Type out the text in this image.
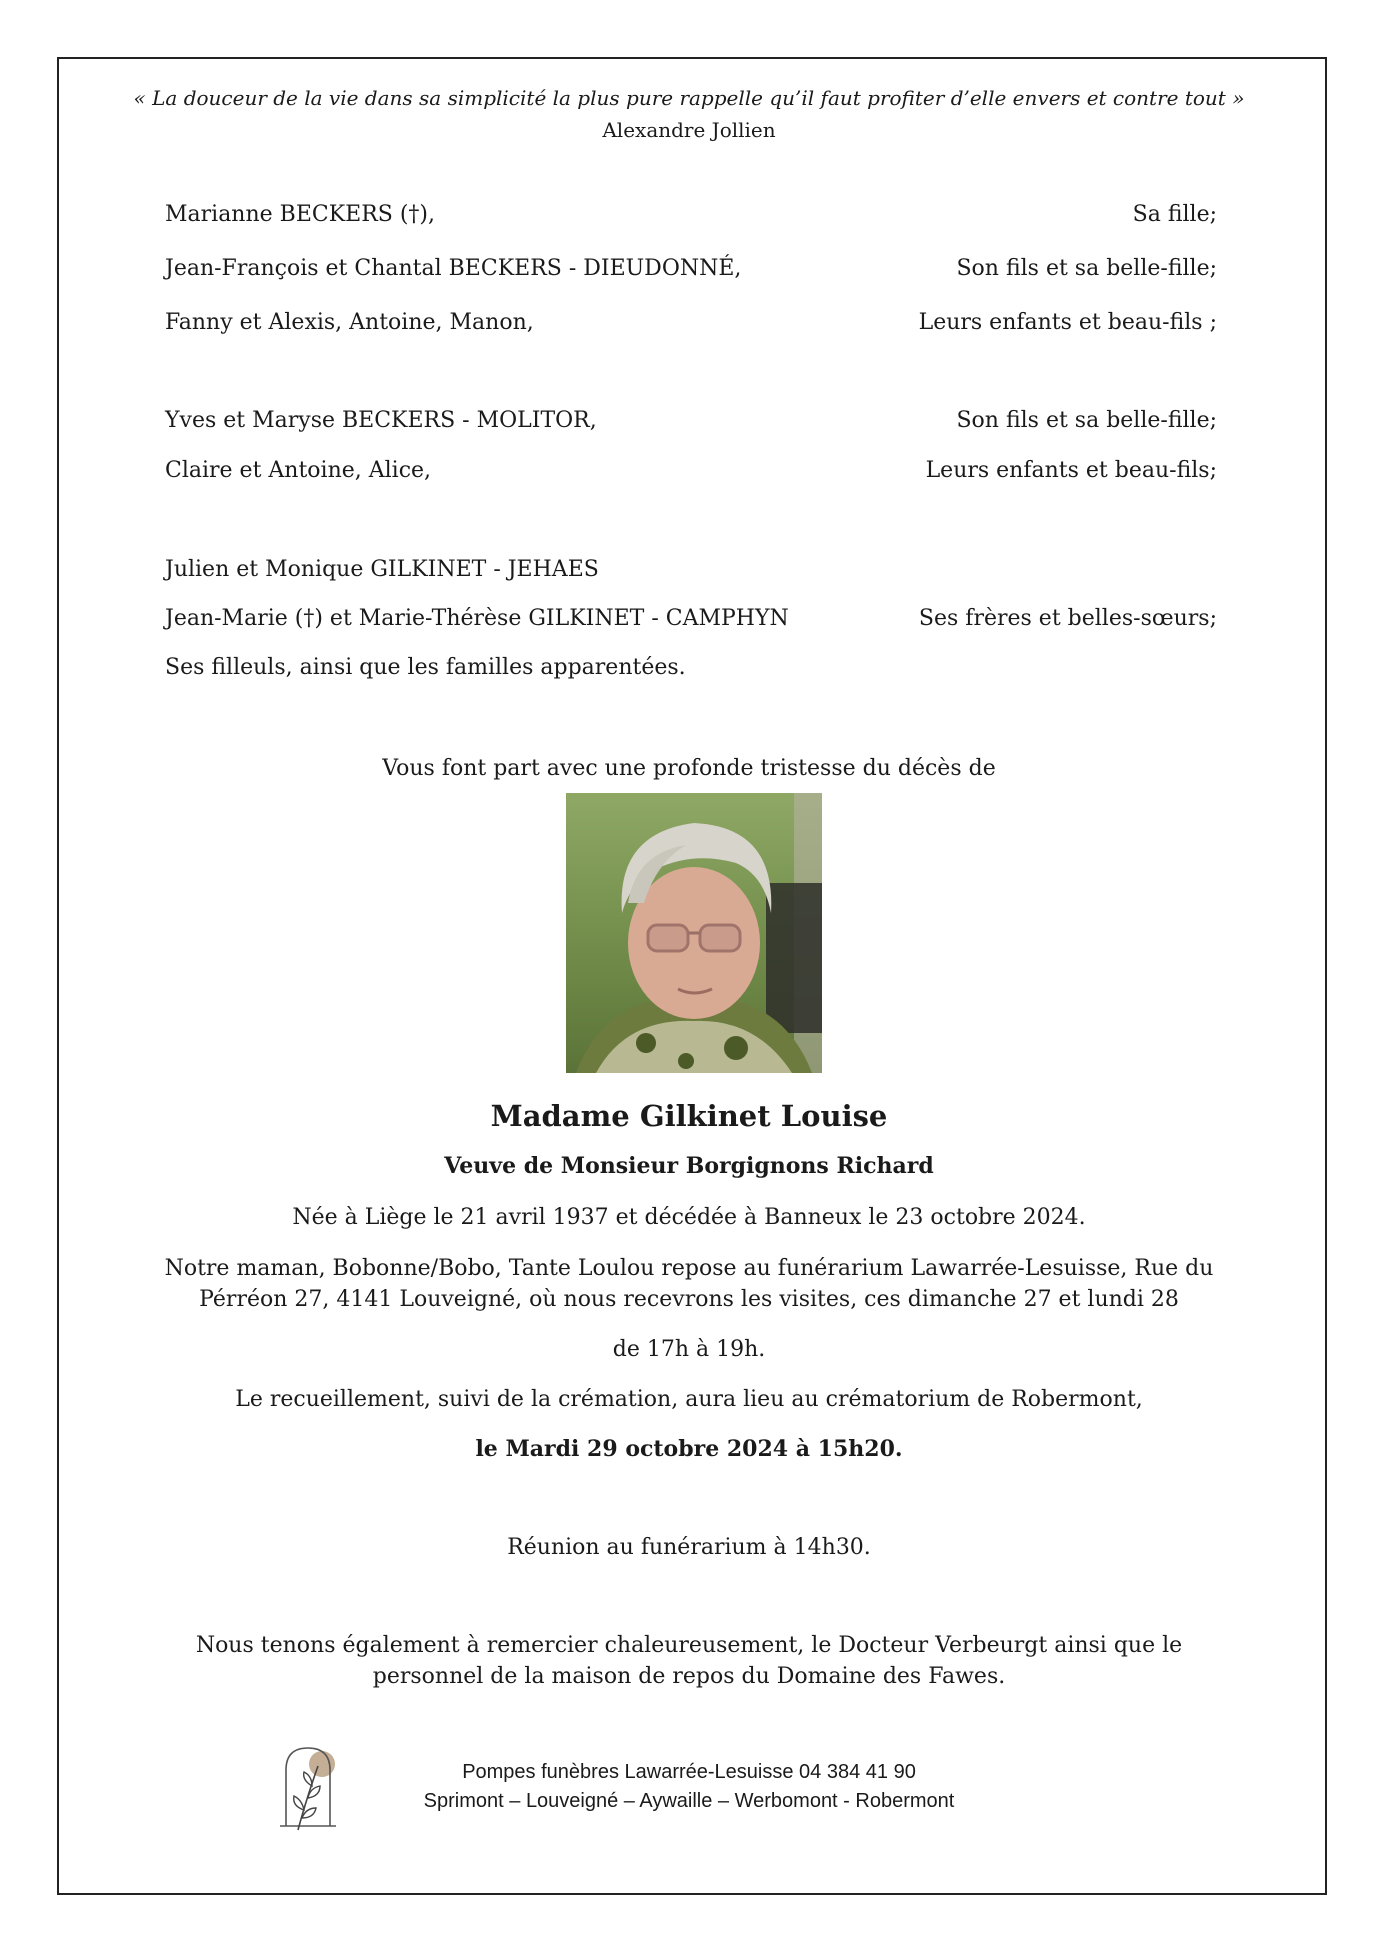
« La douceur de la vie dans sa simplicité la plus pure rappelle qu’il faut profiter d’elle envers et contre tout »
Alexandre Jollien
Marianne BECKERS (†),	Sa fille;
Jean-François et Chantal BECKERS - DIEUDONNÉ,	Son fils et sa belle-fille;
Fanny et Alexis, Antoine, Manon,	Leurs enfants et beau-fils ;
Yves et Maryse BECKERS - MOLITOR,	Son fils et sa belle-fille;
Claire et Antoine, Alice,	Leurs enfants et beau-fils;
Julien et Monique GILKINET - JEHAES
Jean-Marie (†) et Marie-Thérèse GILKINET - CAMPHYN	Ses frères et belles-sœurs;
Ses filleuls, ainsi que les familles apparentées.
Vous font part avec une profonde tristesse du décès de
Madame Gilkinet Louise
Veuve de Monsieur Borgignons Richard
Née à Liège le 21 avril 1937 et décédée à Banneux le 23 octobre 2024.
Notre maman, Bobonne/Bobo, Tante Loulou repose au funérarium Lawarrée-Lesuisse, Rue du
Pérréon 27, 4141 Louveigné, où nous recevrons les visites, ces dimanche 27 et lundi 28
de 17h à 19h.
Le recueillement, suivi de la crémation, aura lieu au crématorium de Robermont,
le Mardi 29 octobre 2024 à 15h20.
Réunion au funérarium à 14h30.
Nous tenons également à remercier chaleureusement, le Docteur Verbeurgt ainsi que le
personnel de la maison de repos du Domaine des Fawes.
Pompes funèbres Lawarrée-Lesuisse 04 384 41 90
Sprimont – Louveigné – Aywaille – Werbomont - Robermont
